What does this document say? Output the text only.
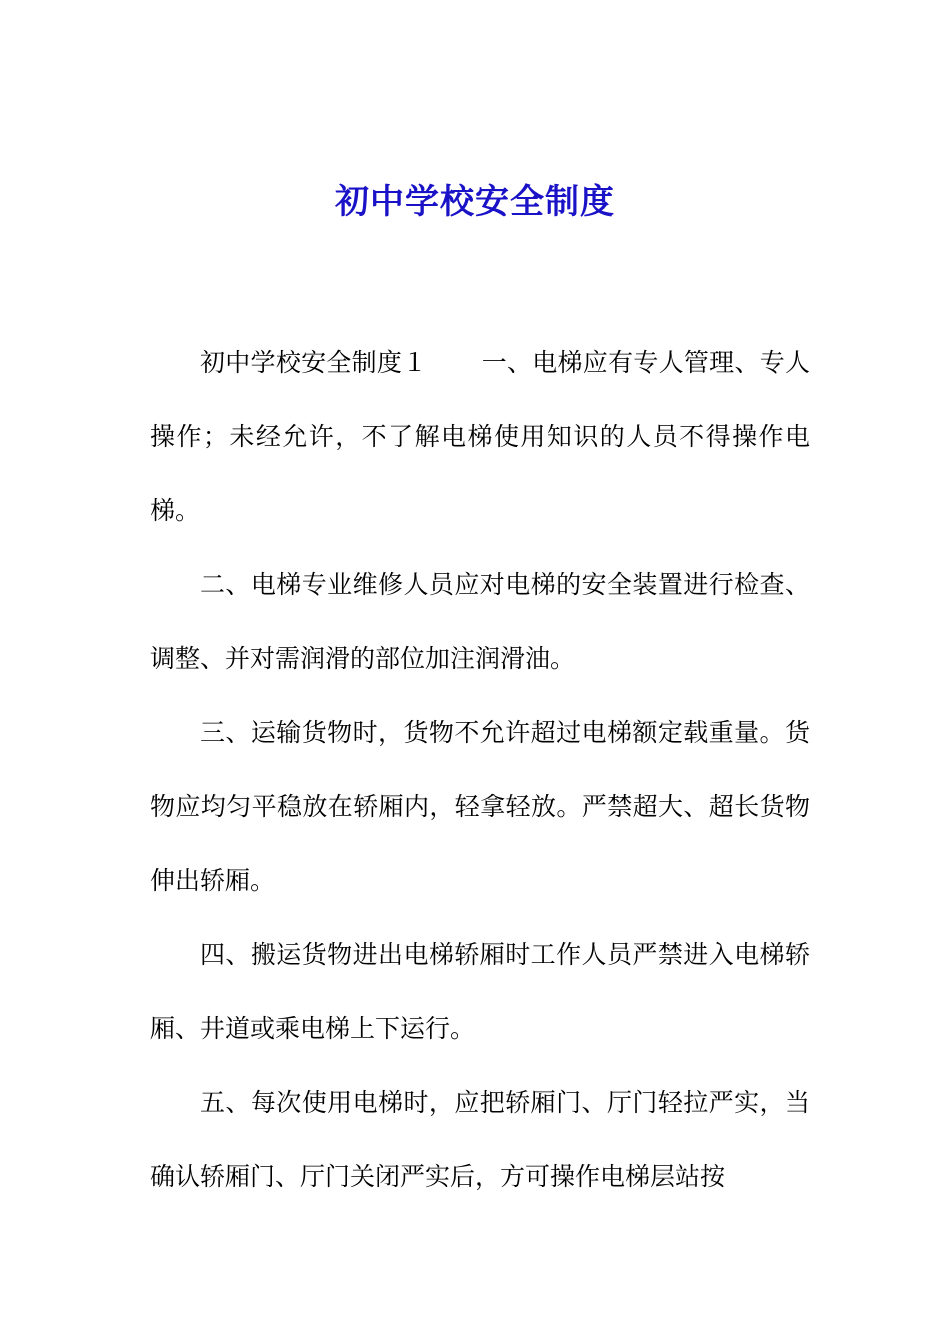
初中学校安全制度

初中学校安全制度１ 一、电梯应有专人管理、专人操作；未经允许，不了解电梯使用知识的人员不得操作电梯。

二、电梯专业维修人员应对电梯的安全装置进行检查、调整、并对需润滑的部位加注润滑油。

三、运输货物时，货物不允许超过电梯额定载重量。货物应均匀平稳放在轿厢内，轻拿轻放。严禁超大、超长货物伸出轿厢。

四、搬运货物进出电梯轿厢时工作人员严禁进入电梯轿厢、井道或乘电梯上下运行。

五、每次使用电梯时，应把轿厢门、厅门轻拉严实，当确认轿厢门、厅门关闭严实后，方可操作电梯层站按
